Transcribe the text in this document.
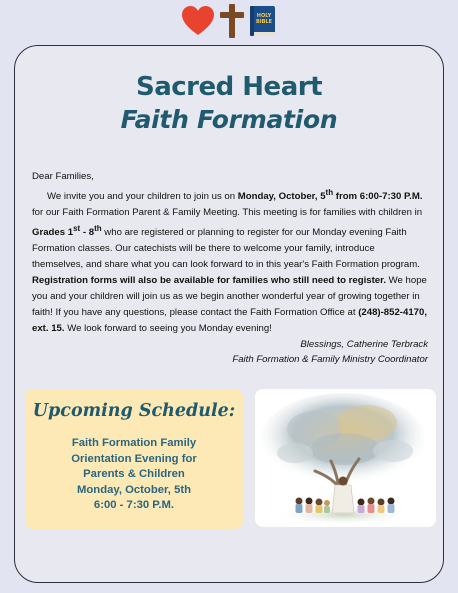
HOLY
BIBLE
Sacred Heart
Faith Formation

Dear Families,

We invite you and your children to join us on Monday, October, 5th from 6:00-7:30 P.M. for our Faith Formation Parent & Family Meeting. This meeting is for families with children in Grades 1st - 8th who are registered or planning to register for our Monday evening Faith Formation classes. Our catechists will be there to welcome your family, introduce themselves, and share what you can look forward to in this year's Faith Formation program. Registration forms will also be available for families who still need to register. We hope you and your children will join us as we begin another wonderful year of growing together in faith! If you have any questions, please contact the Faith Formation Office at (248)-852-4170, ext. 15. We look forward to seeing you Monday evening!

Blessings, Catherine Terbrack

Faith Formation & Family Ministry Coordinator

Upcoming Schedule:
Faith Formation Family
Orientation Evening for
Parents & Children
Monday, October, 5th
6:00 - 7:30 P.M.
